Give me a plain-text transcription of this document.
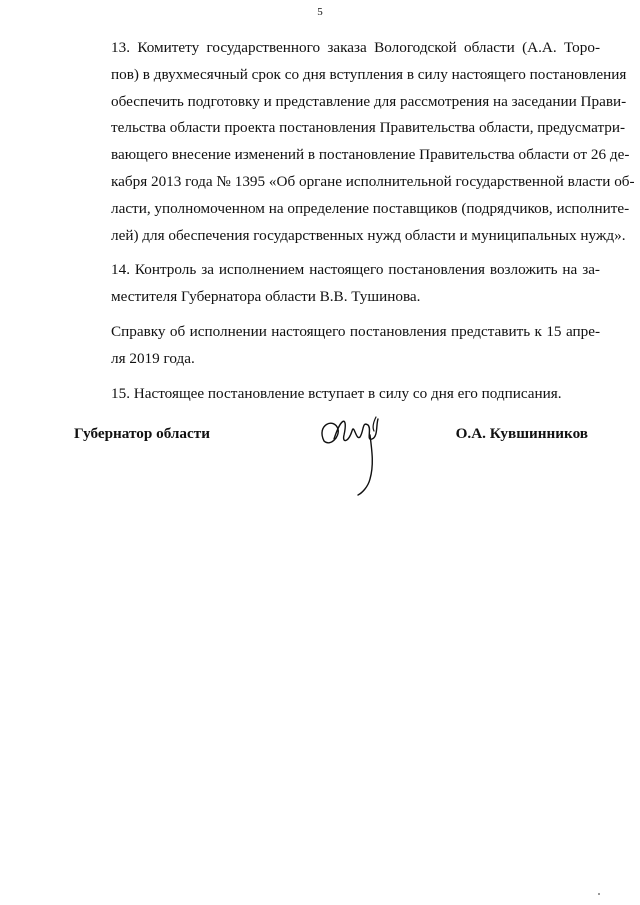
5

13. Комитету государственного заказа Вологодской области (А.А. Торо-
пов) в двухмесячный срок со дня вступления в силу настоящего постановления
обеспечить подготовку и представление для рассмотрения на заседании Прави-
тельства области проекта постановления Правительства области, предусматри-
вающего внесение изменений в постановление Правительства области от 26 де-
кабря 2013 года № 1395 «Об органе исполнительной государственной власти об-
ласти, уполномоченном на определение поставщиков (подрядчиков, исполните-
лей) для обеспечения государственных нужд области и муниципальных нужд».

14. Контроль за исполнением настоящего постановления возложить на за-
местителя Губернатора области В.В. Тушинова.

Справку об исполнении настоящего постановления представить к 15 апре-
ля 2019 года.

15. Настоящее постановление вступает в силу со дня его подписания.

Губернатор области	О.А. Кувшинников
